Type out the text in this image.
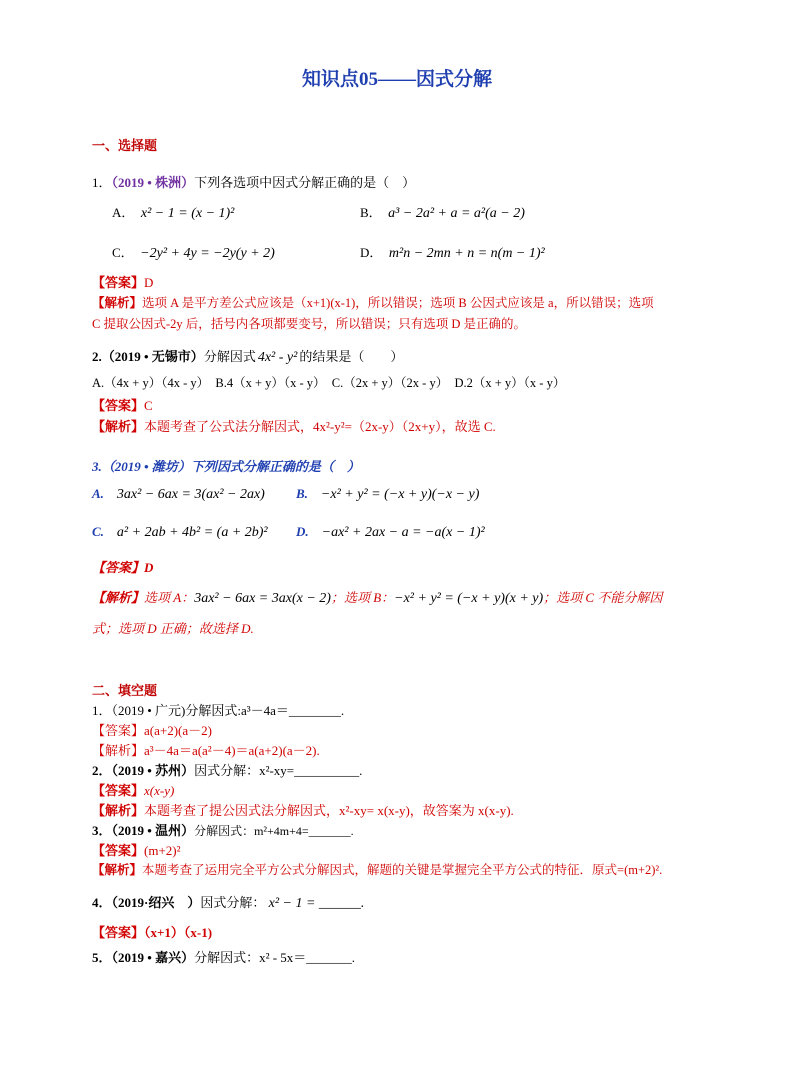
知识点05——因式分解
一、选择题
1．（2019 • 株洲）下列各选项中因式分解正确的是（　）
A． x² − 1 = (x − 1)²	B． a³ − 2a² + a = a²(a − 2)
C． −2y² + 4y = −2y(y + 2)	D． m²n − 2mn + n = n(m − 1)²
【答案】D
【解析】选项 A 是平方差公式应该是（x+1)(x-1)，所以错误；选项 B 公因式应该是 a，所以错误；选项
C 提取公因式-2y 后，括号内各项都要变号，所以错误；只有选项 D 是正确的。
2.（2019 • 无锡市）分解因式 4x² - y² 的结果是（　　）
A.（4x + y）（4x - y）　B.4（x + y）（x - y）　C.（2x + y）（2x - y）　D.2（x + y）（x - y）
【答案】C
【解析】本题考查了公式法分解因式，4x²-y²=（2x-y）（2x+y），故选 C.
3.（2019 • 潍坊）下列因式分解正确的是（　）
A. 3ax² − 6ax = 3(ax² − 2ax) B. −x² + y² = (−x + y)(−x − y)
C. a² + 2ab + 4b² = (a + 2b)² D. −ax² + 2ax − a = −a(x − 1)²
【答案】D
【解析】选项 A：3ax² − 6ax = 3ax(x − 2)；选项 B：−x² + y² = (−x + y)(x + y)；选项 C 不能分解因
式；选项 D 正确；故选择 D.
二、填空题
1．（2019 • 广元)分解因式:a³－4a＝________.
【答案】a(a+2)(a－2)
【解析】a³－4a＝a(a²－4)＝a(a+2)(a－2).
2．（2019 • 苏州）因式分解：x²-xy=__________.
【答案】x(x-y)
【解析】本题考查了提公因式法分解因式，x²-xy= x(x-y)，故答案为 x(x-y).
3．（2019 • 温州）分解因式：m²+4m+4=_______.
【答案】(m+2)²
【解析】本题考查了运用完全平方公式分解因式，解题的关键是掌握完全平方公式的特征．原式=(m+2)².
4．（2019·绍兴　）因式分解： x² − 1 = ______.
【答案】（x+1）（x-1)
5．（2019 • 嘉兴）分解因式：x² - 5x＝_______.
